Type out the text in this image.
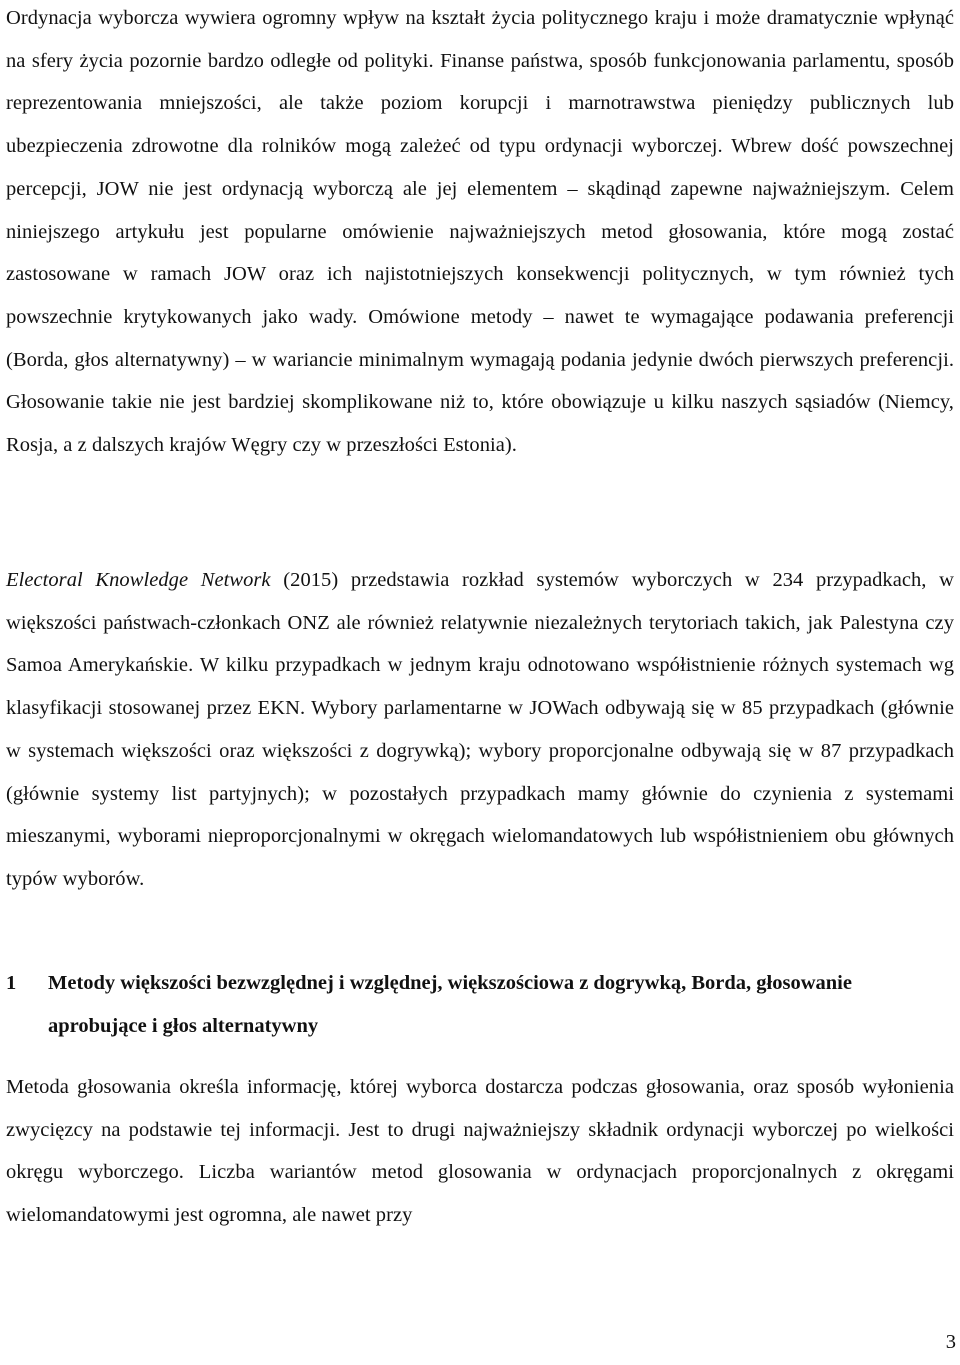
Ordynacja wyborcza wywiera ogromny wpływ na kształt życia politycznego kraju i może dramatycznie wpłynąć na sfery życia pozornie bardzo odległe od polityki. Finanse państwa, sposób funkcjonowania parlamentu, sposób reprezentowania mniejszości, ale także poziom korupcji i marnotrawstwa pieniędzy publicznych lub ubezpieczenia zdrowotne dla rolników mogą zależeć od typu ordynacji wyborczej. Wbrew dość powszechnej percepcji, JOW nie jest ordynacją wyborczą ale jej elementem – skądinąd zapewne najważniejszym. Celem niniejszego artykułu jest popularne omówienie najważniejszych metod głosowania, które mogą zostać zastosowane w ramach JOW oraz ich najistotniejszych konsekwencji politycznych, w tym również tych powszechnie krytykowanych jako wady. Omówione metody – nawet te wymagające podawania preferencji (Borda, głos alternatywny) – w wariancie minimalnym wymagają podania jedynie dwóch pierwszych preferencji. Głosowanie takie nie jest bardziej skomplikowane niż to, które obowiązuje u kilku naszych sąsiadów (Niemcy, Rosja, a z dalszych krajów Węgry czy w przeszłości Estonia).

Electoral Knowledge Network (2015) przedstawia rozkład systemów wyborczych w 234 przypadkach, w większości państwach-członkach ONZ ale również relatywnie niezależnych terytoriach takich, jak Palestyna czy Samoa Amerykańskie. W kilku przypadkach w jednym kraju odnotowano współistnienie różnych systemach wg klasyfikacji stosowanej przez EKN. Wybory parlamentarne w JOWach odbywają się w 85 przypadkach (głównie w systemach większości oraz większości z dogrywką); wybory proporcjonalne odbywają się w 87 przypadkach (głównie systemy list partyjnych); w pozostałych przypadkach mamy głównie do czynienia z systemami mieszanymi, wyborami nieproporcjonalnymi w okręgach wielomandatowych lub współistnieniem obu głównych typów wyborów.

1 Metody większości bezwzględnej i względnej, większościowa z dogrywką, Borda, głosowanie aprobujące i głos alternatywny

Metoda głosowania określa informację, której wyborca dostarcza podczas głosowania, oraz sposób wyłonienia zwycięzcy na podstawie tej informacji. Jest to drugi najważniejszy składnik ordynacji wyborczej po wielkości okręgu wyborczego. Liczba wariantów metod glosowania w ordynacjach proporcjonalnych z okręgami wielomandatowymi jest ogromna, ale nawet przy

3
